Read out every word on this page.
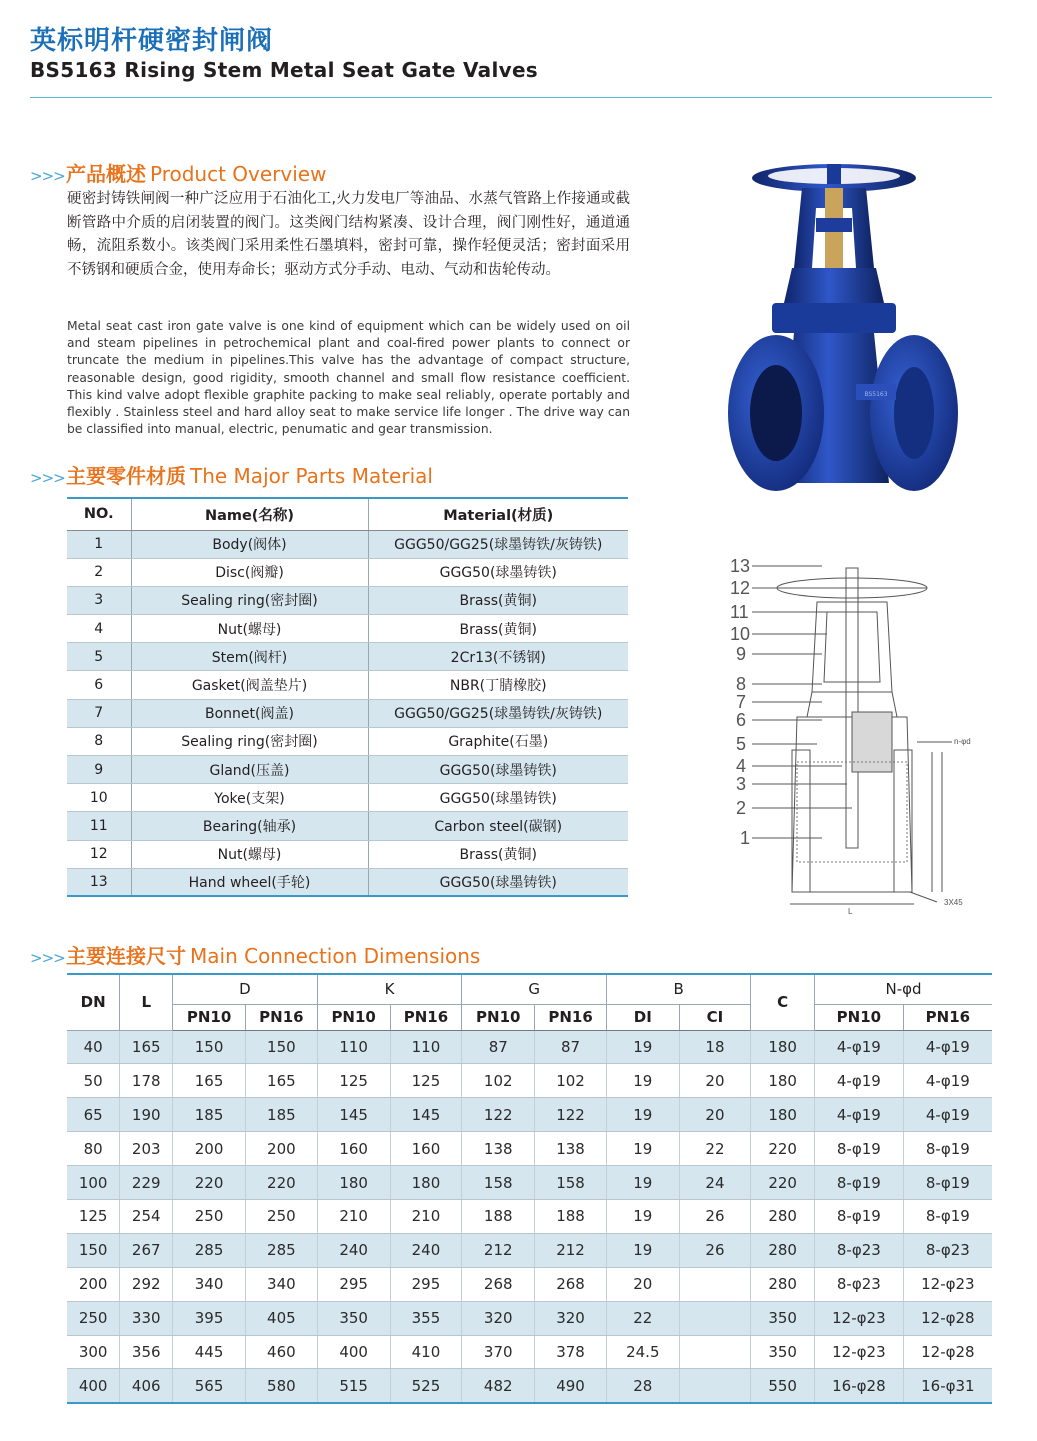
英标明杆硬密封闸阀
BS5163 Rising Stem Metal Seat Gate Valves
>>> 产品概述 Product Overview
硬密封铸铁闸阀一种广泛应用于石油化工,火力发电厂等油品、水蒸气管路上作接通或截断管路中介质的启闭装置的阀门。这类阀门结构紧凑、设计合理，阀门刚性好，通道通畅，流阻系数小。该类阀门采用柔性石墨填料，密封可靠，操作轻便灵活；密封面采用不锈钢和硬质合金，使用寿命长；驱动方式分手动、电动、气动和齿轮传动。
Metal seat cast iron gate valve is one kind of equipment which can be widely used on oil and steam pipelines in petrochemical plant and coal-fired power plants to connect or truncate the medium in pipelines.This valve has the advantage of compact structure, reasonable design, good rigidity, smooth channel and small flow resistance coefficient. This kind valve adopt flexible graphite packing to make seal reliably, operate portably and flexibly . Stainless steel and hard alloy seat to make service life longer . The drive way can be classified into manual, electric, penumatic and gear transmission.
>>> 主要零件材质 The Major Parts Material
NO.	Name(名称)	Material(材质)
1	Body(阀体)	GGG50/GG25(球墨铸铁/灰铸铁)
2	Disc(阀瓣)	GGG50(球墨铸铁)
3	Sealing ring(密封圈)	Brass(黄铜)
4	Nut(螺母)	Brass(黄铜)
5	Stem(阀杆)	2Cr13(不锈钢)
6	Gasket(阀盖垫片)	NBR(丁腈橡胶)
7	Bonnet(阀盖)	GGG50/GG25(球墨铸铁/灰铸铁)
8	Sealing ring(密封圈)	Graphite(石墨)
9	Gland(压盖)	GGG50(球墨铸铁)
10	Yoke(支架)	GGG50(球墨铸铁)
11	Bearing(轴承)	Carbon steel(碳钢)
12	Nut(螺母)	Brass(黄铜)
13	Hand wheel(手轮)	GGG50(球墨铸铁)
BS5163
13
12
11
10
9
8
7
6
5
4
3
2
1
3X45
n-φd
L
>>> 主要连接尺寸 Main Connection Dimensions
DN	L	D		K		G		B		C	N-φd	
		PN10	PN16	PN10	PN16	PN10	PN16	DI	CI		PN10	PN16
40	165	150	150	110	110	87	87	19	18	180	4-φ19	4-φ19
50	178	165	165	125	125	102	102	19	20	180	4-φ19	4-φ19
65	190	185	185	145	145	122	122	19	20	180	4-φ19	4-φ19
80	203	200	200	160	160	138	138	19	22	220	8-φ19	8-φ19
100	229	220	220	180	180	158	158	19	24	220	8-φ19	8-φ19
125	254	250	250	210	210	188	188	19	26	280	8-φ19	8-φ19
150	267	285	285	240	240	212	212	19	26	280	8-φ23	8-φ23
200	292	340	340	295	295	268	268	20		280	8-φ23	12-φ23
250	330	395	405	350	355	320	320	22		350	12-φ23	12-φ28
300	356	445	460	400	410	370	378	24.5		350	12-φ23	12-φ28
400	406	565	580	515	525	482	490	28		550	16-φ28	16-φ31
